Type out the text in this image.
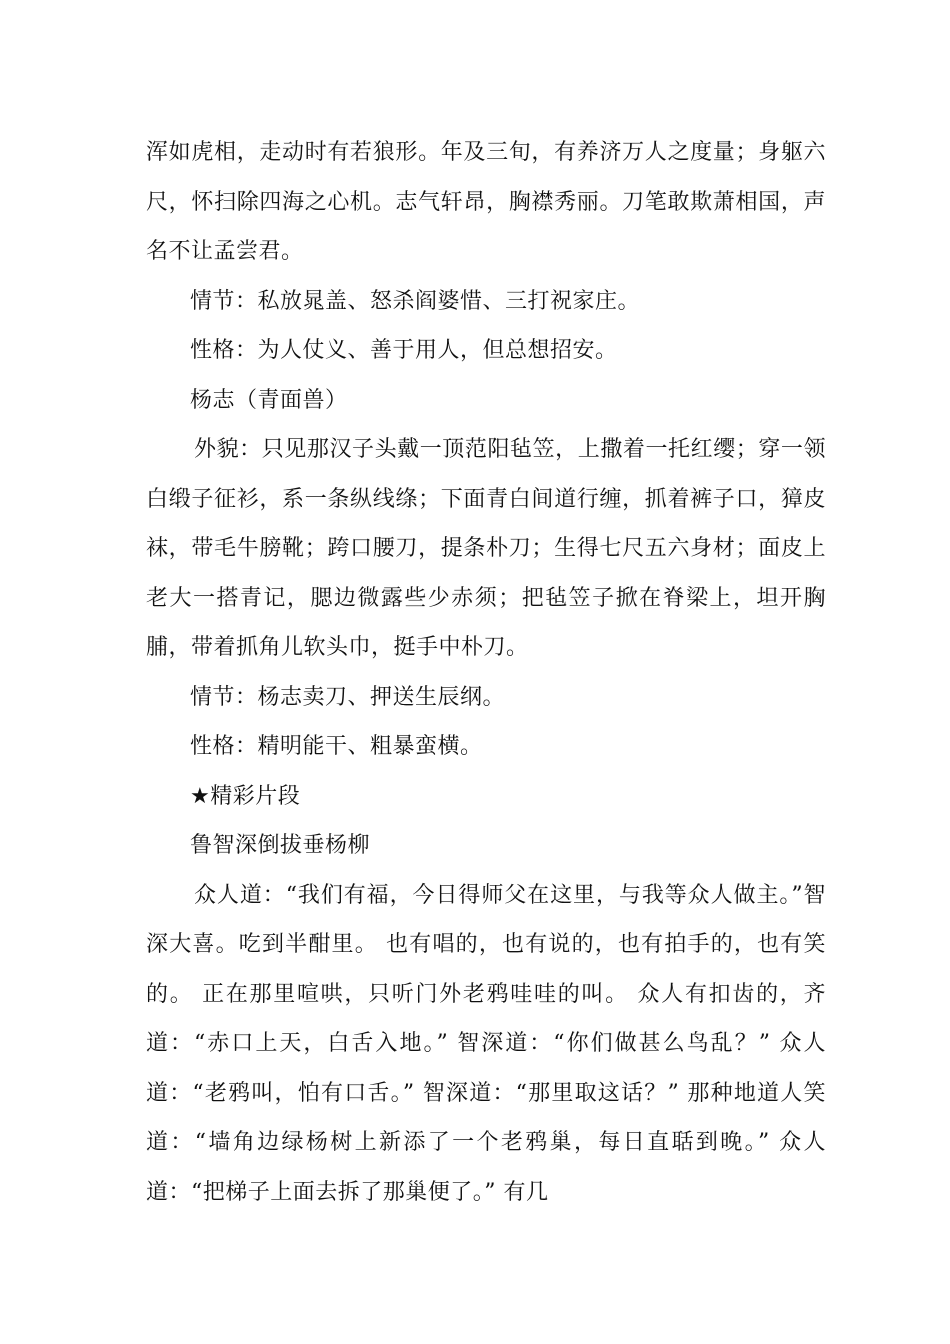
浑如虎相，走动时有若狼形。年及三旬，有养济万人之度量；身躯六尺，怀扫除四海之心机。志气轩昂，胸襟秀丽。刀笔敢欺萧相国，声名不让孟尝君。

情节：私放晁盖、怒杀阎婆惜、三打祝家庄。

性格：为人仗义、善于用人，但总想招安。

杨志（青面兽）

外貌：只见那汉子头戴一顶范阳毡笠，上撒着一托红缨；穿一领白缎子征衫，系一条纵线绦；下面青白间道行缠，抓着裤子口，獐皮袜，带毛牛膀靴；跨口腰刀，提条朴刀；生得七尺五六身材；面皮上老大一搭青记，腮边微露些少赤须；把毡笠子掀在脊梁上，坦开胸脯，带着抓角儿软头巾，挺手中朴刀。

情节：杨志卖刀、押送生辰纲。

性格：精明能干、粗暴蛮横。

★精彩片段

鲁智深倒拔垂杨柳

众人道：“我们有福，今日得师父在这里，与我等众人做主。”智深大喜。吃到半酣里。 也有唱的，也有说的，也有拍手的，也有笑的。 正在那里喧哄，只听门外老鸦哇哇的叫。 众人有扣齿的，齐道：“赤口上天，白舌入地。” 智深道：“你们做甚么鸟乱？” 众人道：“老鸦叫，怕有口舌。” 智深道：“那里取这话？” 那种地道人笑道：“墙角边绿杨树上新添了一个老鸦巢，每日直聒到晚。” 众人道：“把梯子上面去拆了那巢便了。” 有几
